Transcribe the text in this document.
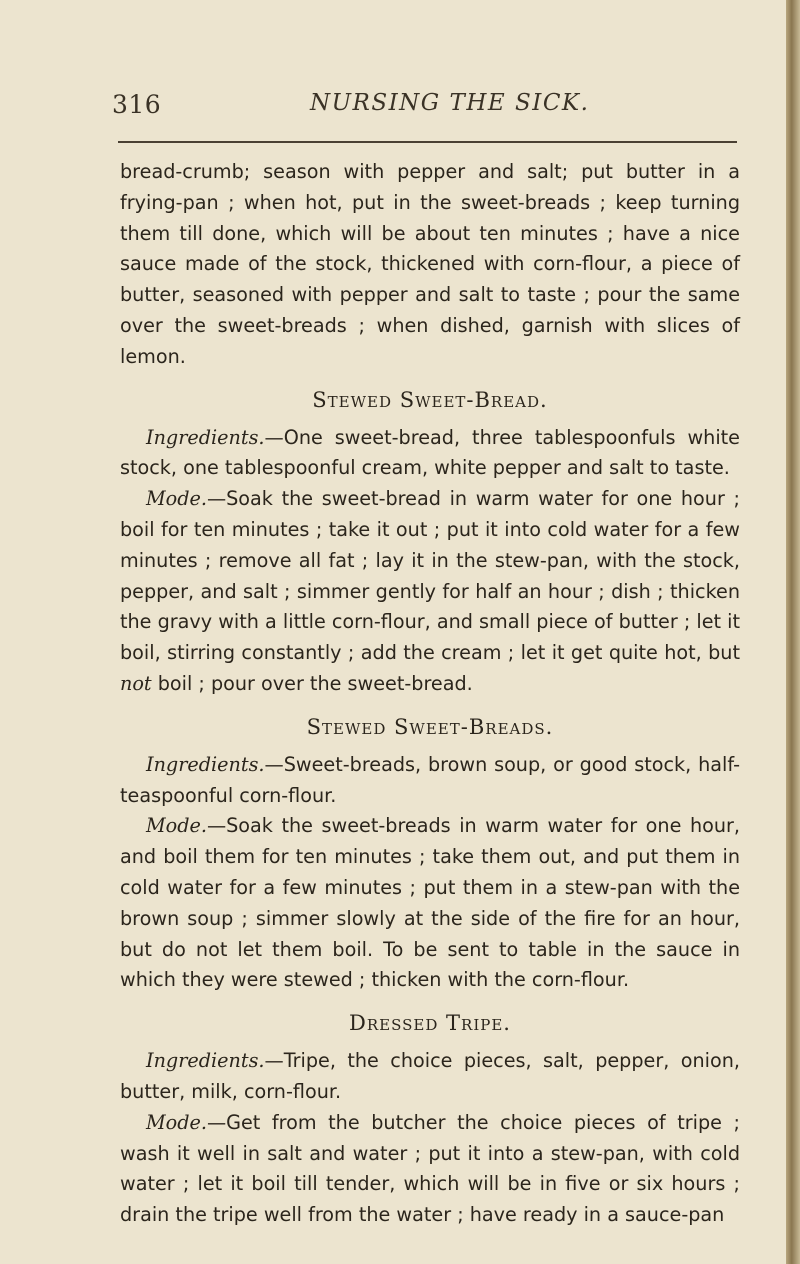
316	NURSING THE SICK.

bread-crumb; season with pepper and salt; put butter in a frying-pan ; when hot, put in the sweet-breads ; keep turning them till done, which will be about ten minutes ; have a nice sauce made of the stock, thickened with corn-flour, a piece of butter, seasoned with pepper and salt to taste ; pour the same over the sweet-breads ; when dished, garnish with slices of lemon.

Stewed Sweet-Bread.

Ingredients.—One sweet-bread, three tablespoonfuls white stock, one tablespoonful cream, white pepper and salt to taste.

Mode.—Soak the sweet-bread in warm water for one hour ; boil for ten minutes ; take it out ; put it into cold water for a few minutes ; remove all fat ; lay it in the stew-pan, with the stock, pepper, and salt ; simmer gently for half an hour ; dish ; thicken the gravy with a little corn-flour, and small piece of butter ; let it boil, stirring constantly ; add the cream ; let it get quite hot, but not boil ; pour over the sweet-bread.

Stewed Sweet-Breads.

Ingredients.—Sweet-breads, brown soup, or good stock, half-teaspoonful corn-flour.

Mode.—Soak the sweet-breads in warm water for one hour, and boil them for ten minutes ; take them out, and put them in cold water for a few minutes ; put them in a stew-pan with the brown soup ; simmer slowly at the side of the fire for an hour, but do not let them boil. To be sent to table in the sauce in which they were stewed ; thicken with the corn-flour.

Dressed Tripe.

Ingredients.—Tripe, the choice pieces, salt, pepper, onion, butter, milk, corn-flour.

Mode.—Get from the butcher the choice pieces of tripe ; wash it well in salt and water ; put it into a stew-pan, with cold water ; let it boil till tender, which will be in five or six hours ; drain the tripe well from the water ; have ready in a sauce-pan
